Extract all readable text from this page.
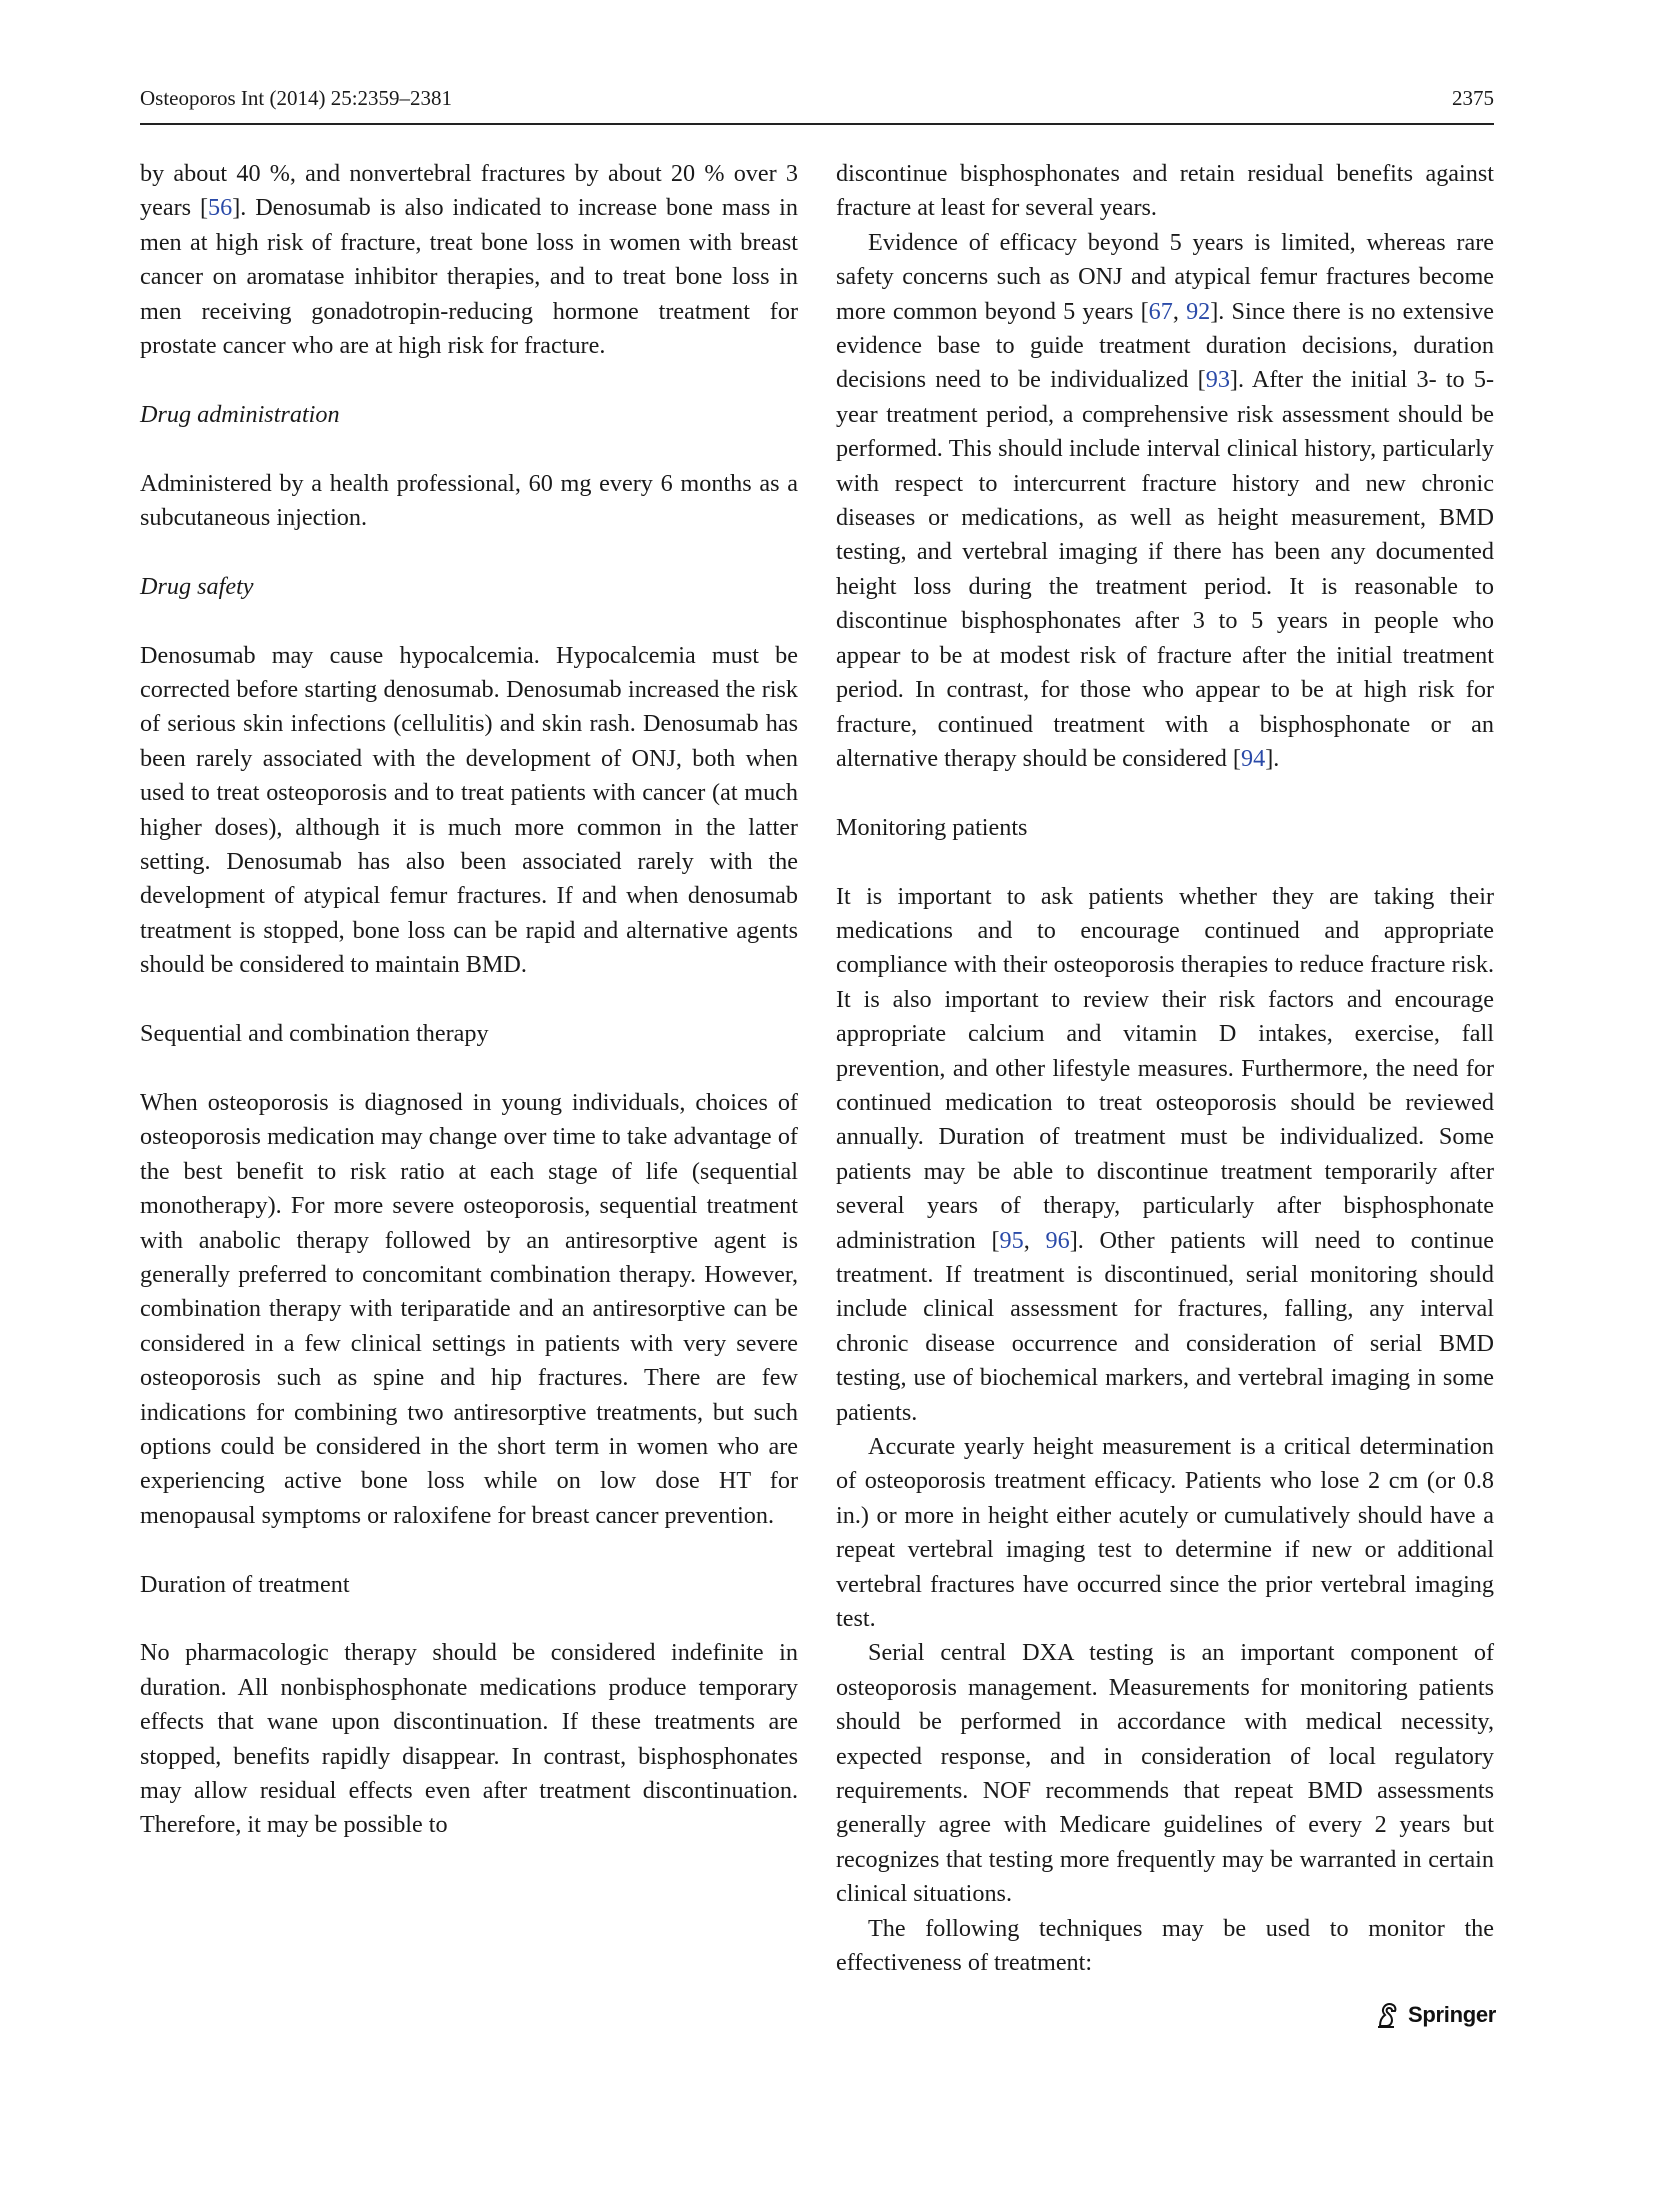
Osteoporos Int (2014) 25:2359–2381	2375

by about 40 %, and nonvertebral fractures by about 20 % over 3 years [56]. Denosumab is also indicated to increase bone mass in men at high risk of fracture, treat bone loss in women with breast cancer on aromatase inhibitor therapies, and to treat bone loss in men receiving gonadotropin-reducing hormone treatment for prostate cancer who are at high risk for fracture.

Drug administration

Administered by a health professional, 60 mg every 6 months as a subcutaneous injection.

Drug safety

Denosumab may cause hypocalcemia. Hypocalcemia must be corrected before starting denosumab. Denosumab increased the risk of serious skin infections (cellulitis) and skin rash. Denosumab has been rarely associated with the development of ONJ, both when used to treat osteoporosis and to treat patients with cancer (at much higher doses), although it is much more common in the latter setting. Denosumab has also been associated rarely with the development of atypical femur fractures. If and when denosumab treatment is stopped, bone loss can be rapid and alternative agents should be considered to maintain BMD.

Sequential and combination therapy

When osteoporosis is diagnosed in young individuals, choices of osteoporosis medication may change over time to take advantage of the best benefit to risk ratio at each stage of life (sequential monotherapy). For more severe osteoporosis, sequential treatment with anabolic therapy followed by an antiresorptive agent is generally preferred to concomitant combination therapy. However, combination therapy with teriparatide and an antiresorptive can be considered in a few clinical settings in patients with very severe osteoporosis such as spine and hip fractures. There are few indications for combining two antiresorptive treatments, but such options could be considered in the short term in women who are experiencing active bone loss while on low dose HT for menopausal symptoms or raloxifene for breast cancer prevention.

Duration of treatment

No pharmacologic therapy should be considered indefinite in duration. All nonbisphosphonate medications produce temporary effects that wane upon discontinuation. If these treatments are stopped, benefits rapidly disappear. In contrast, bisphosphonates may allow residual effects even after treatment discontinuation. Therefore, it may be possible to

discontinue bisphosphonates and retain residual benefits against fracture at least for several years.

Evidence of efficacy beyond 5 years is limited, whereas rare safety concerns such as ONJ and atypical femur fractures become more common beyond 5 years [67, 92]. Since there is no extensive evidence base to guide treatment duration decisions, duration decisions need to be individualized [93]. After the initial 3- to 5-year treatment period, a comprehensive risk assessment should be performed. This should include interval clinical history, particularly with respect to intercurrent fracture history and new chronic diseases or medications, as well as height measurement, BMD testing, and vertebral imaging if there has been any documented height loss during the treatment period. It is reasonable to discontinue bisphosphonates after 3 to 5 years in people who appear to be at modest risk of fracture after the initial treatment period. In contrast, for those who appear to be at high risk for fracture, continued treatment with a bisphosphonate or an alternative therapy should be considered [94].

Monitoring patients

It is important to ask patients whether they are taking their medications and to encourage continued and appropriate compliance with their osteoporosis therapies to reduce fracture risk. It is also important to review their risk factors and encourage appropriate calcium and vitamin D intakes, exercise, fall prevention, and other lifestyle measures. Furthermore, the need for continued medication to treat osteoporosis should be reviewed annually. Duration of treatment must be individualized. Some patients may be able to discontinue treatment temporarily after several years of therapy, particularly after bisphosphonate administration [95, 96]. Other patients will need to continue treatment. If treatment is discontinued, serial monitoring should include clinical assessment for fractures, falling, any interval chronic disease occurrence and consideration of serial BMD testing, use of biochemical markers, and vertebral imaging in some patients.

Accurate yearly height measurement is a critical determination of osteoporosis treatment efficacy. Patients who lose 2 cm (or 0.8 in.) or more in height either acutely or cumulatively should have a repeat vertebral imaging test to determine if new or additional vertebral fractures have occurred since the prior vertebral imaging test.

Serial central DXA testing is an important component of osteoporosis management. Measurements for monitoring patients should be performed in accordance with medical necessity, expected response, and in consideration of local regulatory requirements. NOF recommends that repeat BMD assessments generally agree with Medicare guidelines of every 2 years but recognizes that testing more frequently may be warranted in certain clinical situations.

The following techniques may be used to monitor the effectiveness of treatment:

Springer
